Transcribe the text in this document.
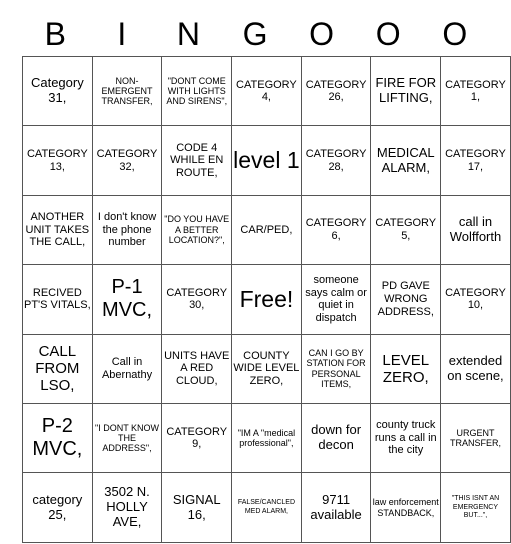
B	I	N	G	O	O	O
Category 31,	NON-EMERGENT TRANSFER,	"DONT COME WITH LIGHTS AND SIRENS",	CATEGORY 4,	CATEGORY 26,	FIRE FOR LIFTING,	CATEGORY 1,
CATEGORY 13,	CATEGORY 32,	CODE 4 WHILE EN ROUTE,	level 1	CATEGORY 28,	MEDICAL ALARM,	CATEGORY 17,
ANOTHER UNIT TAKES THE CALL,	I don't know the phone number	"DO YOU HAVE A BETTER LOCATION?",	CAR/PED,	CATEGORY 6,	CATEGORY 5,	call in Wolfforth
RECIVED PT'S VITALS,	P-1 MVC,	CATEGORY 30,	Free!	someone says calm or quiet in dispatch	PD GAVE WRONG ADDRESS,	CATEGORY 10,
CALL FROM LSO,	Call in Abernathy	UNITS HAVE A RED CLOUD,	COUNTY WIDE LEVEL ZERO,	CAN I GO BY STATION FOR PERSONAL ITEMS,	LEVEL ZERO,	extended on scene,
P-2 MVC,	"I DONT KNOW THE ADDRESS",	CATEGORY 9,	"IM A "medical professional",	down for decon	county truck runs a call in the city	URGENT TRANSFER,
category 25,	3502 N. HOLLY AVE,	SIGNAL 16,	FALSE/CANCLED MED ALARM,	9711 available	law enforcement STANDBACK,	"THIS ISNT AN EMERGENCY BUT...",
